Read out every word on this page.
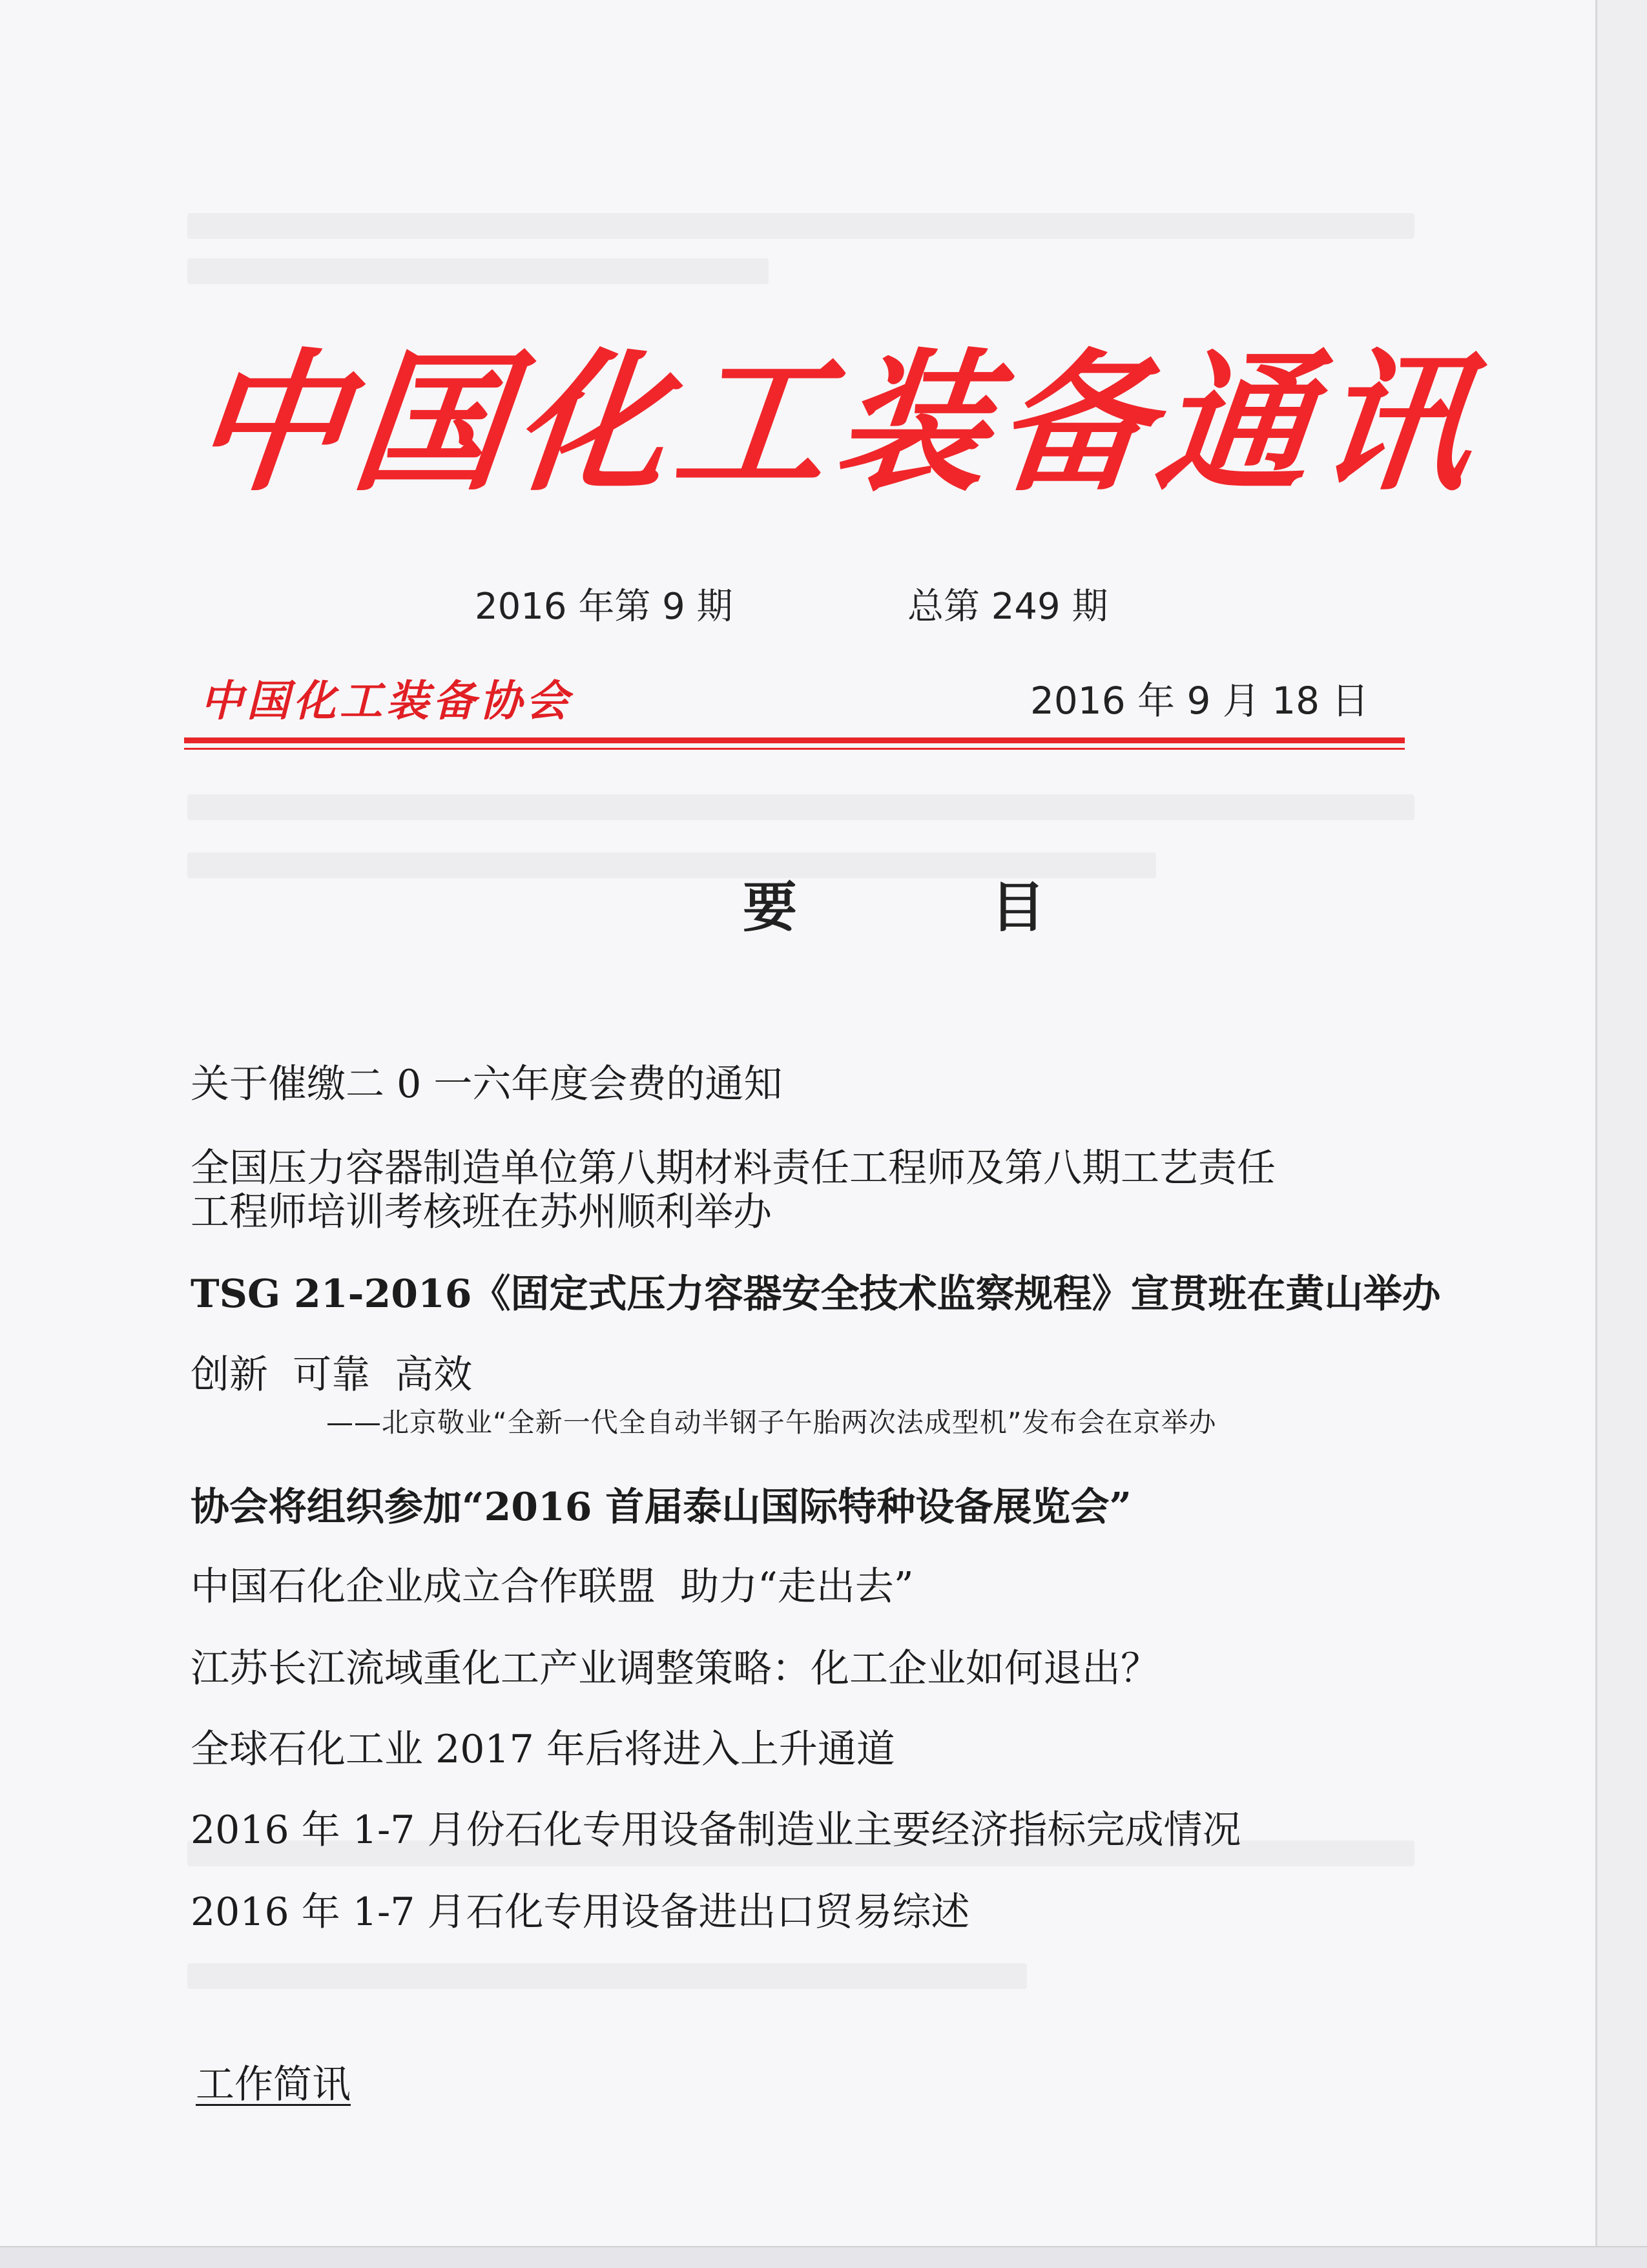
中国化工装备通讯
2016 年第 9 期	总第 249 期
中国化工装备协会	2016 年 9 月 18 日
要目
关于催缴二 0 一六年度会费的通知
全国压力容器制造单位第八期材料责任工程师及第八期工艺责任
工程师培训考核班在苏州顺利举办
TSG 21-2016《固定式压力容器安全技术监察规程》宣贯班在黄山举办
创新  可靠  高效
——北京敬业“全新一代全自动半钢子午胎两次法成型机”发布会在京举办
协会将组织参加“2016 首届泰山国际特种设备展览会”
中国石化企业成立合作联盟  助力“走出去”
江苏长江流域重化工产业调整策略：化工企业如何退出？
全球石化工业 2017 年后将进入上升通道
2016 年 1-7 月份石化专用设备制造业主要经济指标完成情况
2016 年 1-7 月石化专用设备进出口贸易综述
工作简讯
